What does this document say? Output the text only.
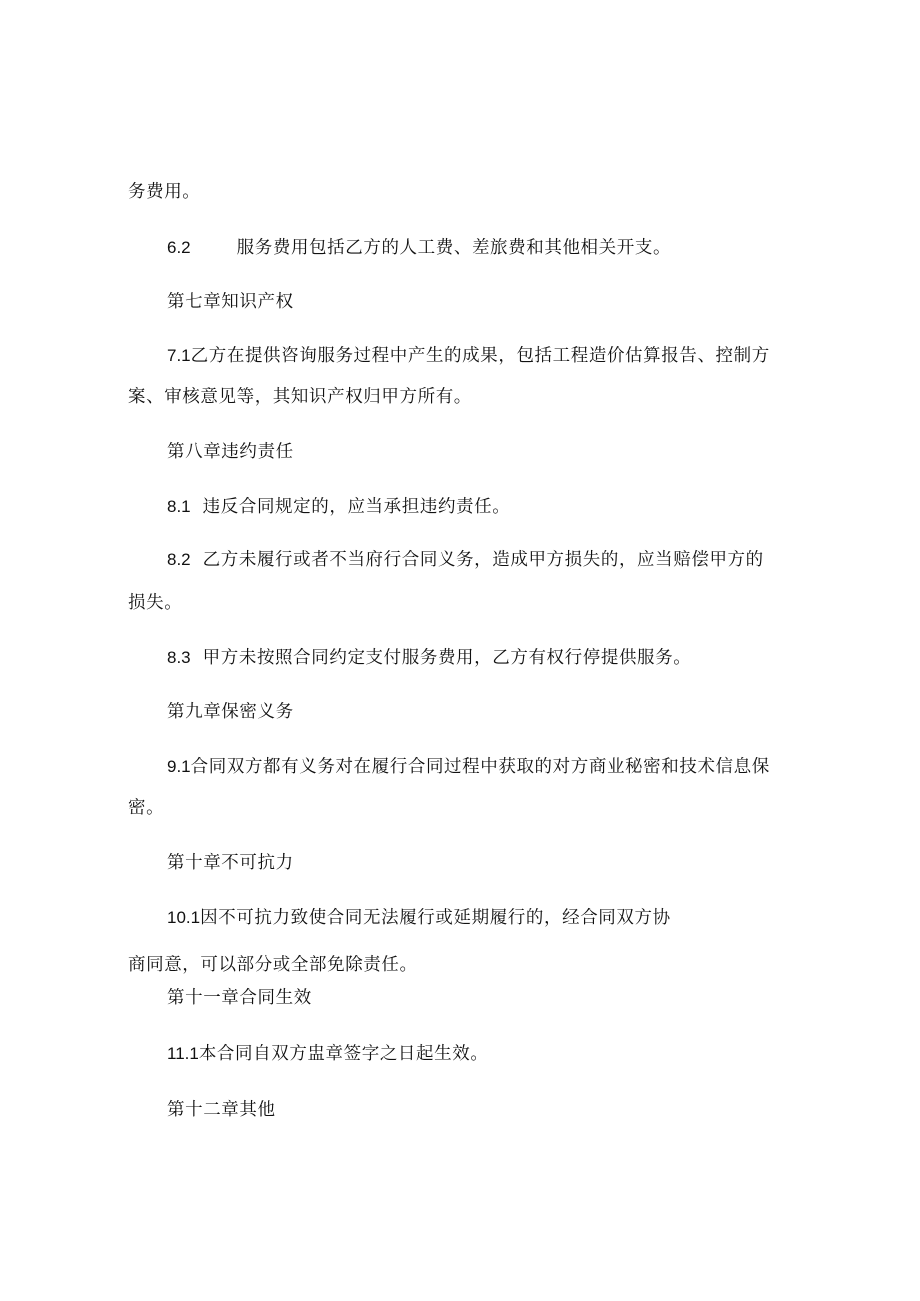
务费用。
6.2	服务费用包括乙方的人工费、差旅费和其他相关开支。
第七章知识产权
7.1乙方在提供咨询服务过程中产生的成果，包括工程造价估算报告、控制方
案、审核意见等，其知识产权归甲方所有。
第八章违约责任
8.1 违反合同规定的，应当承担违约责任。
8.2 乙方未履行或者不当府行合同义务，造成甲方损失的，应当赔偿甲方的
损失。
8.3 甲方未按照合同约定支付服务费用，乙方有权行停提供服务。
第九章保密义务
9.1合同双方都有义务对在履行合同过程中获取的对方商业秘密和技术信息保
密。
第十章不可抗力
10.1因不可抗力致使合同无法履行或延期履行的，经合同双方协
商同意，可以部分或全部免除责任。
第十一章合同生效
11.1本合同自双方盅章签字之日起生效。
第十二章其他
